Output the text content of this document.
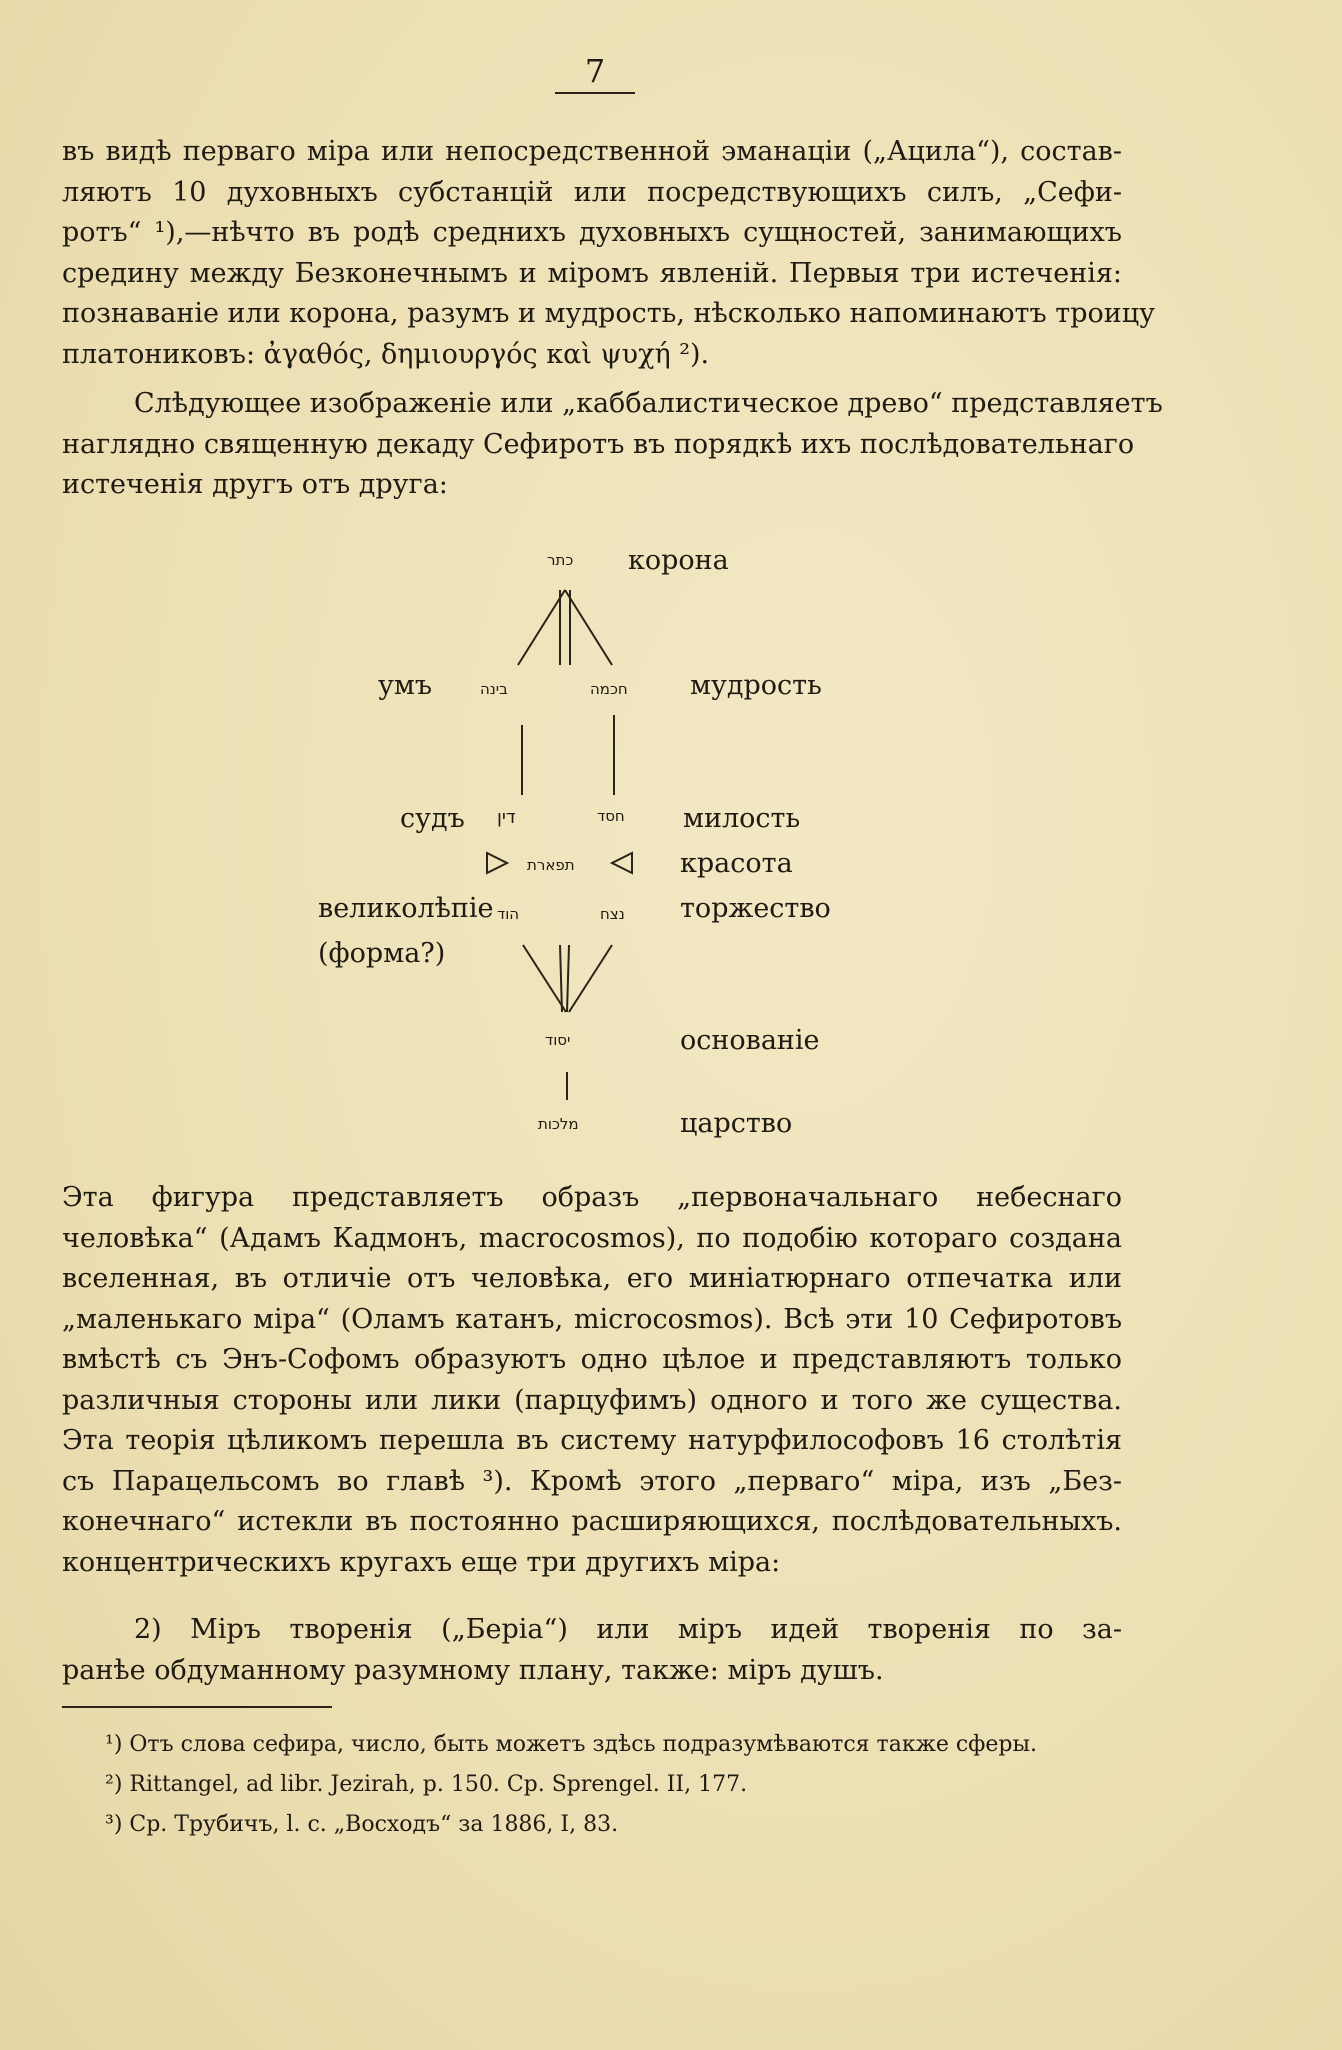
7
въ видѣ перваго міра или непосредственной эманаціи („Ацила“), состав-
ляютъ 10 духовныхъ субстанцій или посредствующихъ силъ, „Сефи-
ротъ“ ¹),—нѣчто въ родѣ среднихъ духовныхъ сущностей, занимающихъ
средину между Безконечнымъ и міромъ явленій. Первыя три истеченія:
познаваніе или корона, разумъ и мудрость, нѣсколько напоминаютъ троицу
платониковъ: ἀγαθός, δημιουργός καὶ ψυχή ²).
Слѣдующее изображеніе или „каббалистическое древо“ представляетъ
наглядно священную декаду Сефиротъ въ порядкѣ ихъ послѣдовательнаго
истеченія другъ отъ друга:
כתר корона
умъ	בינה	חכמה мудрость
судъ דין	חסד милость
תפארת	красота
великолѣпіе הוד	נצח торжество
(форма?)
יסוד	основаніе
מלכות	царство
Эта фигура представляетъ образъ „первоначальнаго небеснаго
человѣка“ (Адамъ Кадмонъ, macrocosmos), по подобію котораго создана
вселенная, въ отличіе отъ человѣка, его миніатюрнаго отпечатка или
„маленькаго міра“ (Оламъ катанъ, microcosmos). Всѣ эти 10 Сефиротовъ
вмѣстѣ съ Энъ-Софомъ образуютъ одно цѣлое и представляютъ только
различныя стороны или лики (парцуфимъ) одного и того же существа.
Эта теорія цѣликомъ перешла въ систему натурфилософовъ 16 столѣтія
съ Парацельсомъ во главѣ ³). Кромѣ этого „перваго“ міра, изъ „Без-
конечнаго“ истекли въ постоянно расширяющихся, послѣдовательныхъ.
концентрическихъ кругахъ еще три другихъ міра:
2) Міръ творенія („Беріа“) или міръ идей творенія по за-
ранѣе обдуманному разумному плану, также: міръ душъ.
¹) Отъ слова сефира, число, быть можетъ здѣсь подразумѣваются также сферы.
²) Rittangel, ad libr. Jezirah, p. 150. Cp. Sprengel. II, 177.
³) Cp. Трубичъ, l. c. „Восходъ“ за 1886, I, 83.
